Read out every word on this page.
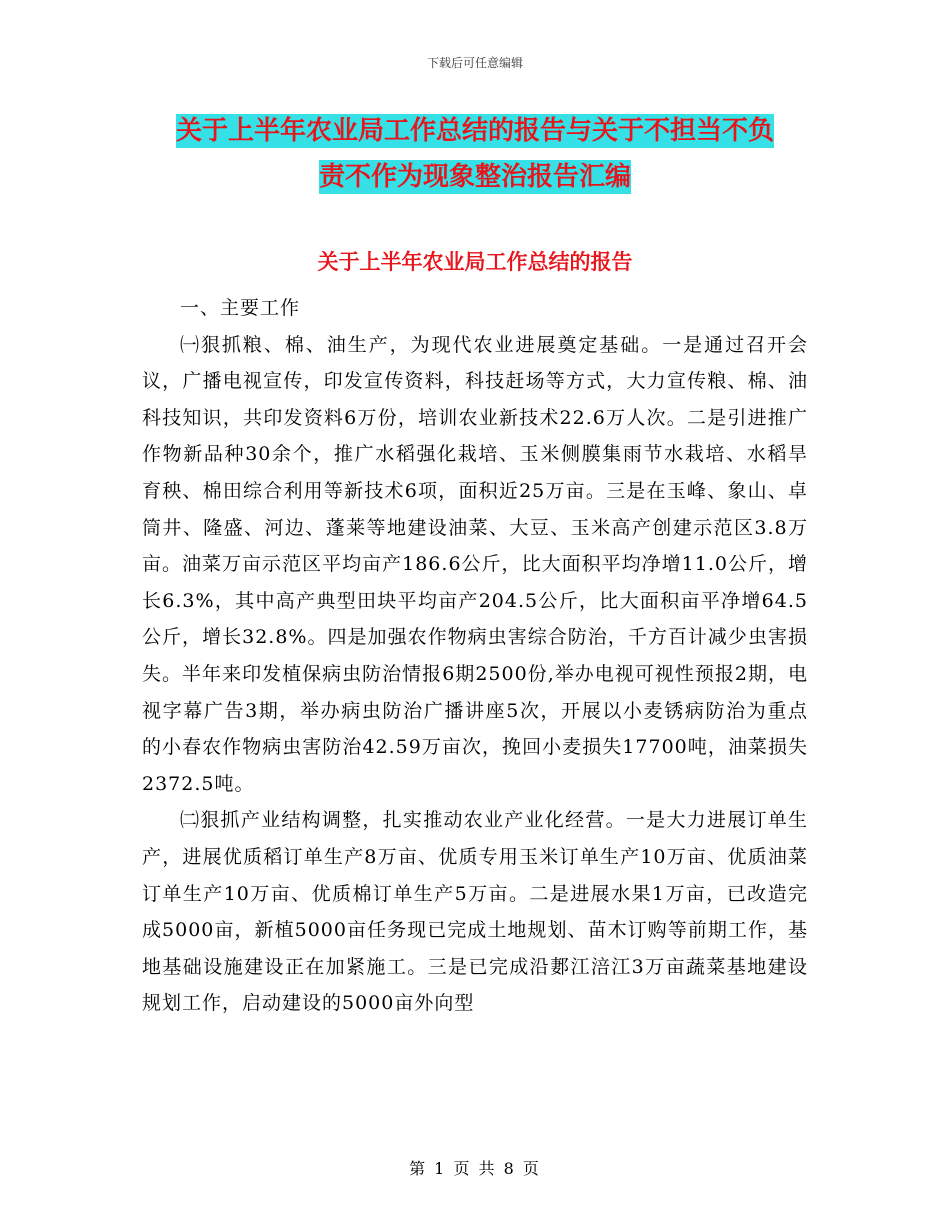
下载后可任意编辑
关于上半年农业局工作总结的报告与关于不担当不负
责不作为现象整治报告汇编
关于上半年农业局工作总结的报告

一、主要工作

㈠狠抓粮、棉、油生产，为现代农业进展奠定基础。一是通过召开会议，广播电视宣传，印发宣传资料，科技赶场等方式，大力宣传粮、棉、油科技知识，共印发资料6万份，培训农业新技术22.6万人次。二是引进推广作物新品种30余个，推广水稻强化栽培、玉米侧膜集雨节水栽培、水稻旱育秧、棉田综合利用等新技术6项，面积近25万亩。三是在玉峰、象山、卓筒井、隆盛、河边、蓬莱等地建设油菜、大豆、玉米高产创建示范区3.8万亩。油菜万亩示范区平均亩产186.6公斤，比大面积平均净增11.0公斤，增长6.3%，其中高产典型田块平均亩产204.5公斤，比大面积亩平净增64.5公斤，增长32.8%。四是加强农作物病虫害综合防治，千方百计减少虫害损失。半年来印发植保病虫防治情报6期2500份,举办电视可视性预报2期，电视字幕广告3期，举办病虫防治广播讲座5次，开展以小麦锈病防治为重点的小春农作物病虫害防治42.59万亩次，挽回小麦损失17700吨，油菜损失2372.5吨。

㈡狠抓产业结构调整，扎实推动农业产业化经营。一是大力进展订单生产，进展优质稻订单生产8万亩、优质专用玉米订单生产10万亩、优质油菜订单生产10万亩、优质棉订单生产5万亩。二是进展水果1万亩，已改造完成5000亩，新植5000亩任务现已完成土地规划、苗木订购等前期工作，基地基础设施建设正在加紧施工。三是已完成沿郪江涪江3万亩蔬菜基地建设规划工作，启动建设的5000亩外向型

第 1 页 共 8 页
